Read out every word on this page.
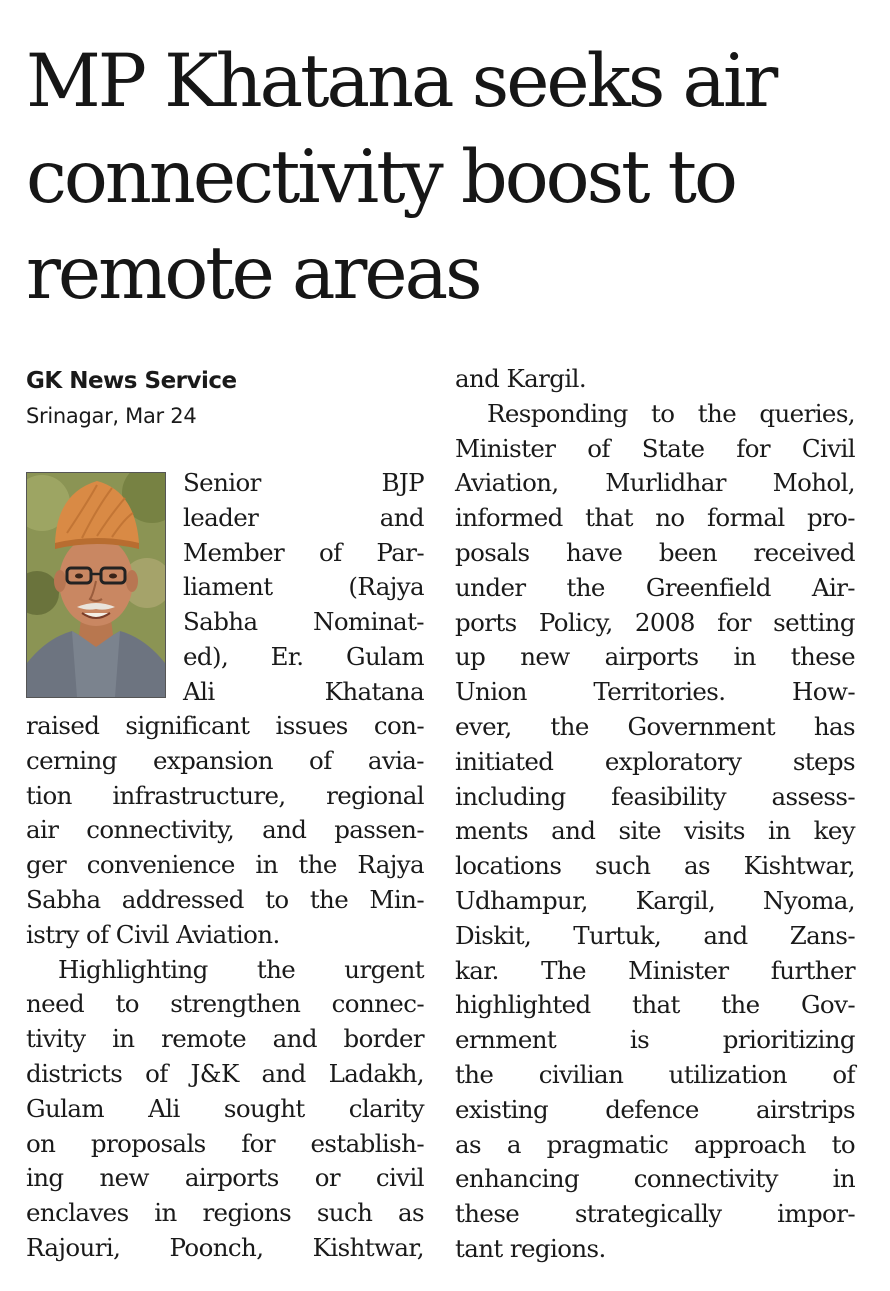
MP Khatana seeks air
connectivity boost to
remote areas
GK News Service
Srinagar, Mar 24
Senior BJP
leader and
Member of Par-
liament (Rajya
Sabha Nominat-
ed), Er. Gulam
Ali Khatana
raised significant issues con-
cerning expansion of avia-
tion infrastructure, regional
air connectivity, and passen-
ger convenience in the Rajya
Sabha addressed to the Min-
istry of Civil Aviation.
Highlighting the urgent
need to strengthen connec-
tivity in remote and border
districts of J&K and Ladakh,
Gulam Ali sought clarity
on proposals for establish-
ing new airports or civil
enclaves in regions such as
Rajouri, Poonch, Kishtwar,
and Kargil.
Responding to the queries,
Minister of State for Civil
Aviation, Murlidhar Mohol,
informed that no formal pro-
posals have been received
under the Greenfield Air-
ports Policy, 2008 for setting
up new airports in these
Union Territories. How-
ever, the Government has
initiated exploratory steps
including feasibility assess-
ments and site visits in key
locations such as Kishtwar,
Udhampur, Kargil, Nyoma,
Diskit, Turtuk, and Zans-
kar. The Minister further
highlighted that the Gov-
ernment is prioritizing
the civilian utilization of
existing defence airstrips
as a pragmatic approach to
enhancing connectivity in
these strategically impor-
tant regions.
